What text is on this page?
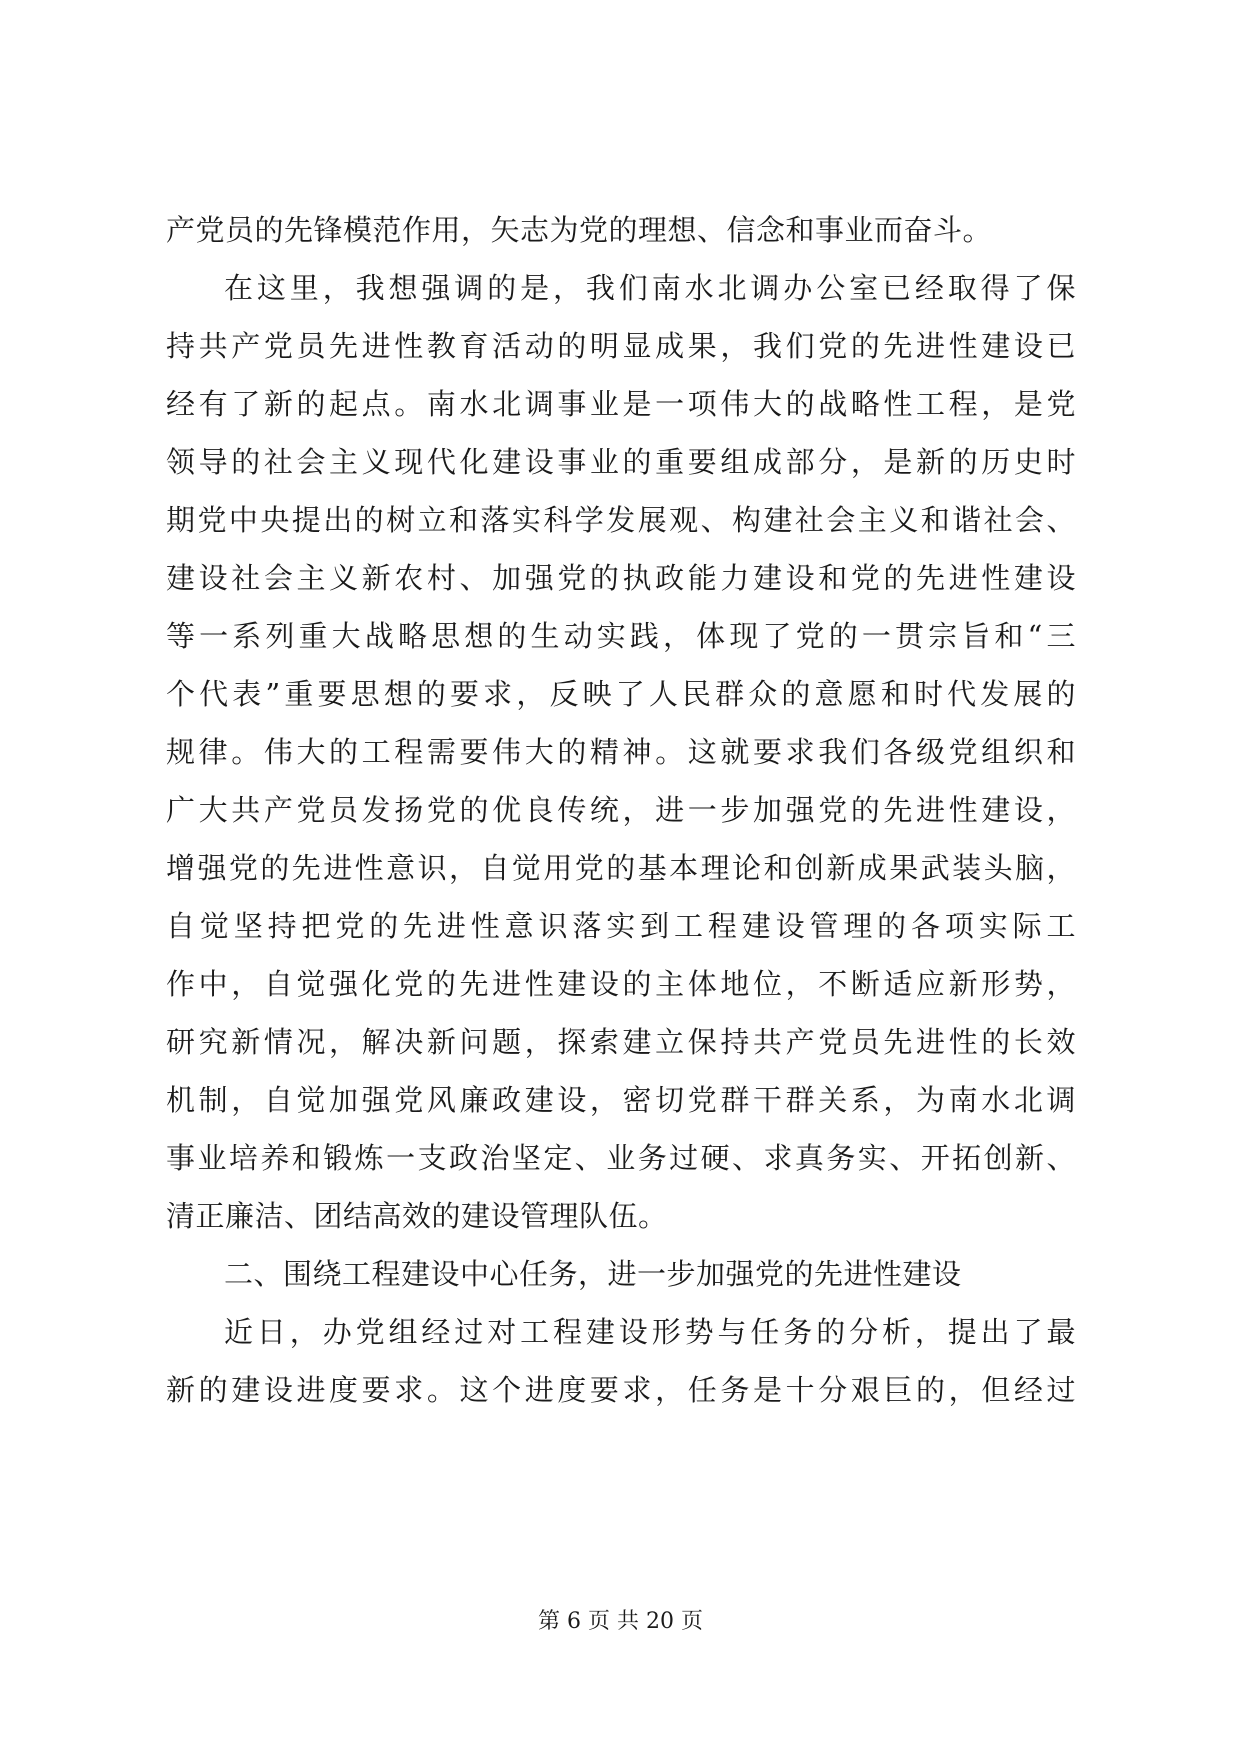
产党员的先锋模范作用，矢志为党的理想、信念和事业而奋斗。
在这里，我想强调的是，我们南水北调办公室已经取得了保
持共产党员先进性教育活动的明显成果，我们党的先进性建设已
经有了新的起点。南水北调事业是一项伟大的战略性工程，是党
领导的社会主义现代化建设事业的重要组成部分，是新的历史时
期党中央提出的树立和落实科学发展观、构建社会主义和谐社会、
建设社会主义新农村、加强党的执政能力建设和党的先进性建设
等一系列重大战略思想的生动实践，体现了党的一贯宗旨和“三
个代表”重要思想的要求，反映了人民群众的意愿和时代发展的
规律。伟大的工程需要伟大的精神。这就要求我们各级党组织和
广大共产党员发扬党的优良传统，进一步加强党的先进性建设，
增强党的先进性意识，自觉用党的基本理论和创新成果武装头脑，
自觉坚持把党的先进性意识落实到工程建设管理的各项实际工
作中，自觉强化党的先进性建设的主体地位，不断适应新形势，
研究新情况，解决新问题，探索建立保持共产党员先进性的长效
机制，自觉加强党风廉政建设，密切党群干群关系，为南水北调
事业培养和锻炼一支政治坚定、业务过硬、求真务实、开拓创新、
清正廉洁、团结高效的建设管理队伍。
二、围绕工程建设中心任务，进一步加强党的先进性建设
近日，办党组经过对工程建设形势与任务的分析，提出了最
新的建设进度要求。这个进度要求，任务是十分艰巨的，但经过
第 6 页 共 20 页
